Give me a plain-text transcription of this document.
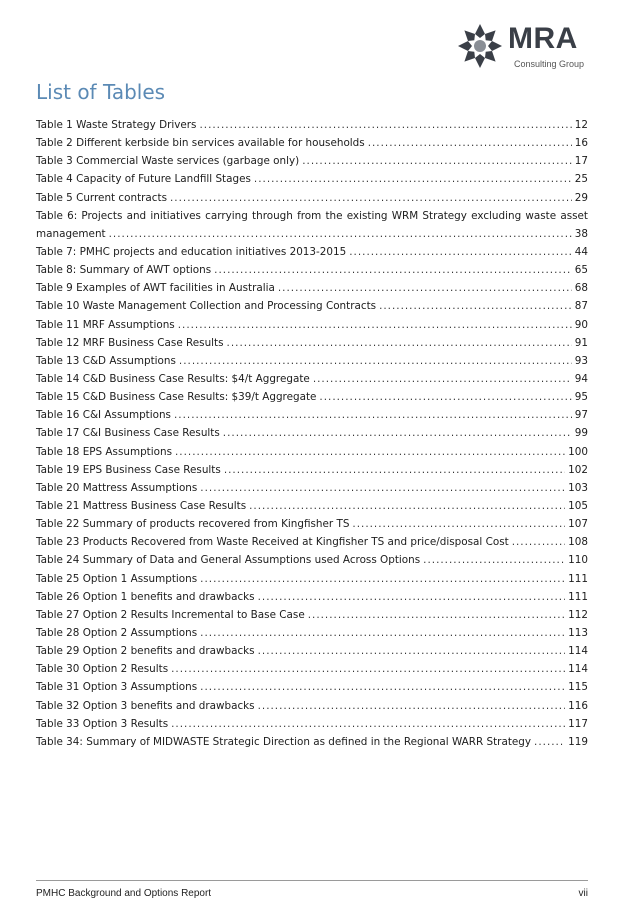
MRA
Consulting Group
List of Tables
Table 1 Waste Strategy Drivers .....	12
Table 2 Different kerbside bin services available for households .....	16
Table 3 Commercial Waste services (garbage only) .....	17
Table 4 Capacity of Future Landfill Stages .....	25
Table 5 Current contracts .....	29
Table 6: Projects and initiatives carrying through from the existing WRM Strategy excluding waste asset
management .....	38
Table 7: PMHC projects and education initiatives 2013-2015 .....	44
Table 8: Summary of AWT options .....	65
Table 9 Examples of AWT facilities in Australia .....	68
Table 10 Waste Management Collection and Processing Contracts .....	87
Table 11 MRF Assumptions .....	90
Table 12 MRF Business Case Results .....	91
Table 13 C&D Assumptions .....	93
Table 14 C&D Business Case Results: $4/t Aggregate .....	94
Table 15 C&D Business Case Results: $39/t Aggregate .....	95
Table 16 C&I Assumptions .....	97
Table 17 C&I Business Case Results .....	99
Table 18 EPS Assumptions .....	100
Table 19 EPS Business Case Results .....	102
Table 20 Mattress Assumptions .....	103
Table 21 Mattress Business Case Results .....	105
Table 22 Summary of products recovered from Kingfisher TS .....	107
Table 23 Products Recovered from Waste Received at Kingfisher TS and price/disposal Cost .....	108
Table 24 Summary of Data and General Assumptions used Across Options .....	110
Table 25 Option 1 Assumptions .....	111
Table 26 Option 1 benefits and drawbacks .....	111
Table 27 Option 2 Results Incremental to Base Case .....	112
Table 28 Option 2 Assumptions .....	113
Table 29 Option 2 benefits and drawbacks .....	114
Table 30 Option 2 Results .....	114
Table 31 Option 3 Assumptions .....	115
Table 32 Option 3 benefits and drawbacks .....	116
Table 33 Option 3 Results .....	117
Table 34: Summary of MIDWASTE Strategic Direction as defined in the Regional WARR Strategy .....	119
PMHC Background and Options Report	vii
